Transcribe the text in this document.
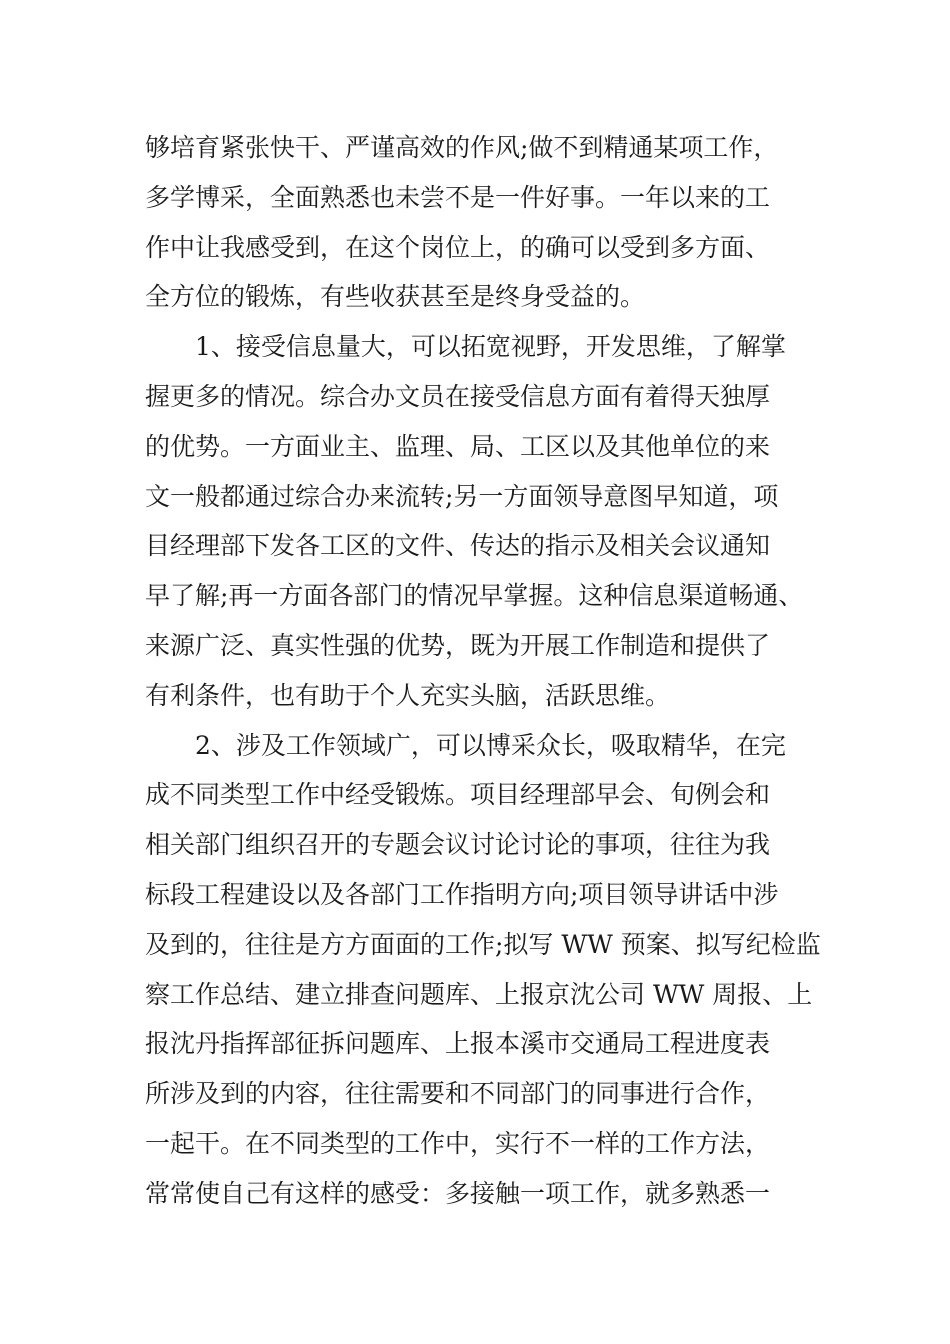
够培育紧张快干、严谨高效的作风;做不到精通某项工作，
多学博采，全面熟悉也未尝不是一件好事。一年以来的工
作中让我感受到，在这个岗位上，的确可以受到多方面、
全方位的锻炼，有些收获甚至是终身受益的。
1、接受信息量大，可以拓宽视野，开发思维，了解掌
握更多的情况。综合办文员在接受信息方面有着得天独厚
的优势。一方面业主、监理、局、工区以及其他单位的来
文一般都通过综合办来流转;另一方面领导意图早知道，项
目经理部下发各工区的文件、传达的指示及相关会议通知
早了解;再一方面各部门的情况早掌握。这种信息渠道畅通、
来源广泛、真实性强的优势，既为开展工作制造和提供了
有利条件，也有助于个人充实头脑，活跃思维。
2、涉及工作领域广，可以博采众长，吸取精华，在完
成不同类型工作中经受锻炼。项目经理部早会、旬例会和
相关部门组织召开的专题会议讨论讨论的事项，往往为我
标段工程建设以及各部门工作指明方向;项目领导讲话中涉
及到的，往往是方方面面的工作;拟写 WW 预案、拟写纪检监
察工作总结、建立排查问题库、上报京沈公司 WW 周报、上
报沈丹指挥部征拆问题库、上报本溪市交通局工程进度表
所涉及到的内容，往往需要和不同部门的同事进行合作，
一起干。在不同类型的工作中，实行不一样的工作方法，
常常使自己有这样的感受：多接触一项工作，就多熟悉一
